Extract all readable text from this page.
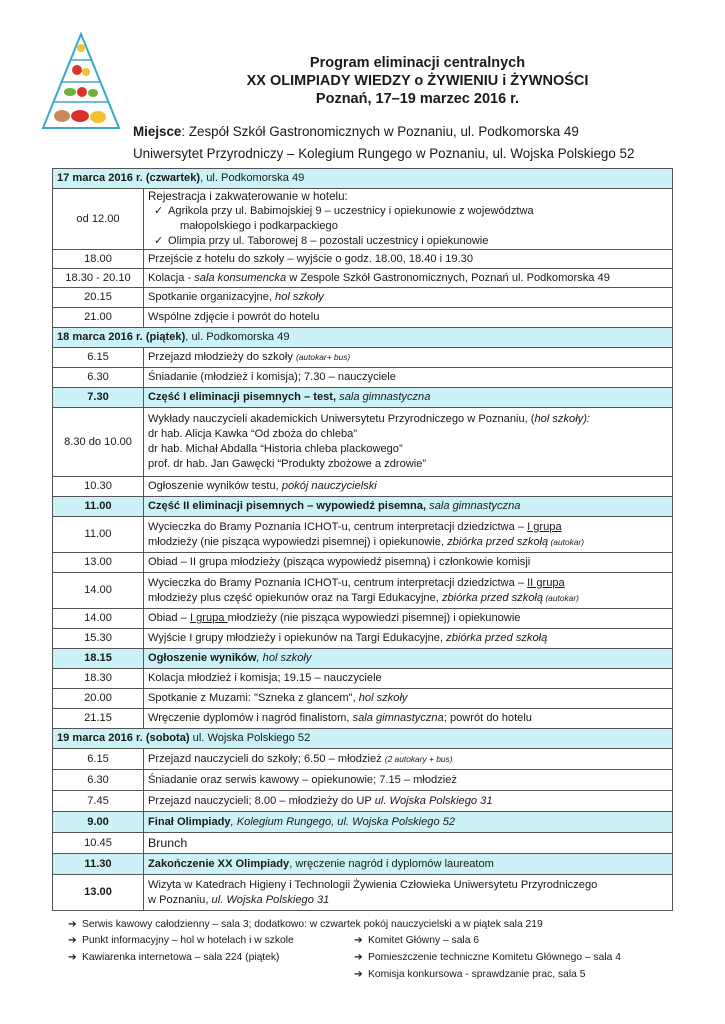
Program eliminacji centralnych
XX OLIMPIADY WIEDZY o ŻYWIENIU i ŻYWNOŚCI
Poznań, 17–19 marzec 2016 r.
Miejsce: Zespół Szkół Gastronomicznych w Poznaniu, ul. Podkomorska 49
Uniwersytet Przyrodniczy – Kolegium Rungego w Poznaniu, ul. Wojska Polskiego 52
17 marca 2016 r. (czwartek), ul. Podkomorska 49	
od 12.00	Rejestracja i zakwaterowanie w hotelu:
✓ Agrikola przy ul. Babimojskiej 9 – uczestnicy i opiekunowie z województwa
małopolskiego i podkarpackiego
✓ Olimpia przy ul. Taborowej 8 – pozostali uczestnicy i opiekunowie

18.00	Przejście z hotelu do szkoły – wyjście o godz. 18.00, 18.40 i 19.30
18.30 - 20.10	Kolacja - sala konsumencka w Zespole Szkół Gastronomicznych, Poznań ul. Podkomorska 49
20.15	Spotkanie organizacyjne, hol szkoły
21.00	Wspólne zdjęcie i powrót do hotelu
18 marca 2016 r. (piątek), ul. Podkomorska 49	
6.15	Przejazd młodzieży do szkoły (autokar+ bus)
6.30	Śniadanie (młodzież i komisja); 7.30 – nauczyciele
7.30	Część I eliminacji pisemnych – test, sala gimnastyczna
8.30 do 10.00	Wykłady nauczycieli akademickich Uniwersytetu Przyrodniczego w Poznaniu, (hol szkoły):
dr hab. Alicja Kawka “Od zboża do chleba”
dr hab. Michał Abdalla “Historia chleba plackowego”
prof. dr hab. Jan Gawęcki “Produkty zbożowe a zdrowie”

10.30	Ogłoszenie wyników testu, pokój nauczycielski
11.00	Część II eliminacji pisemnych – wypowiedź pisemna, sala gimnastyczna
11.00	Wycieczka do Bramy Poznania ICHOT-u, centrum interpretacji dziedzictwa – I grupa
młodzieży (nie pisząca wypowiedzi pisemnej) i opiekunowie, zbiórka przed szkołą (autokar)

13.00	Obiad – II grupa młodzieży (pisząca wypowiedź pisemną) i członkowie komisji
14.00	Wycieczka do Bramy Poznania ICHOT-u, centrum interpretacji dziedzictwa – II grupa
młodzieży plus część opiekunów oraz na Targi Edukacyjne, zbiórka przed szkołą (autokar)

14.00	Obiad – I grupa młodzieży (nie pisząca wypowiedzi pisemnej) i opiekunowie
15.30	Wyjście I grupy młodzieży i opiekunów na Targi Edukacyjne, zbiórka przed szkołą
18.15	Ogłoszenie wyników, hol szkoły
18.30	Kolacja młodzież i komisja; 19.15 – nauczyciele
20.00	Spotkanie z Muzami: "Szneka z glancem", hol szkoły
21.15	Wręczenie dyplomów i nagród finalistom, sala gimnastyczna; powrót do hotelu
19 marca 2016 r. (sobota) ul. Wojska Polskiego 52	
6.15	Przejazd nauczycieli do szkoły; 6.50 – młodzież (2 autokary + bus)
6.30	Śniadanie oraz serwis kawowy – opiekunowie; 7.15 – młodzież
7.45	Przejazd nauczycieli; 8.00 – młodzieży do UP ul. Wojska Polskiego 31
9.00	Finał Olimpiady, Kolegium Rungego, ul. Wojska Polskiego 52
10.45	Brunch
11.30	Zakończenie XX Olimpiady, wręczenie nagród i dyplomów laureatom
13.00	Wizyta w Katedrach Higieny i Technologii Żywienia Człowieka Uniwersytetu Przyrodniczego
w Poznaniu, ul. Wojska Polskiego 31
➔ Serwis kawowy całodzienny – sala 3; dodatkowo: w czwartek pokój nauczycielski a w piątek sala 219
➔ Punkt informacyjny – hol w hotelach i w szkole
➔ Kawiarenka internetowa – sala 224 (piątek)
➔ Komitet Główny – sala 6
➔ Pomieszczenie techniczne Komitetu Głównego – sala 4
➔ Komisja konkursowa - sprawdzanie prac, sala 5
